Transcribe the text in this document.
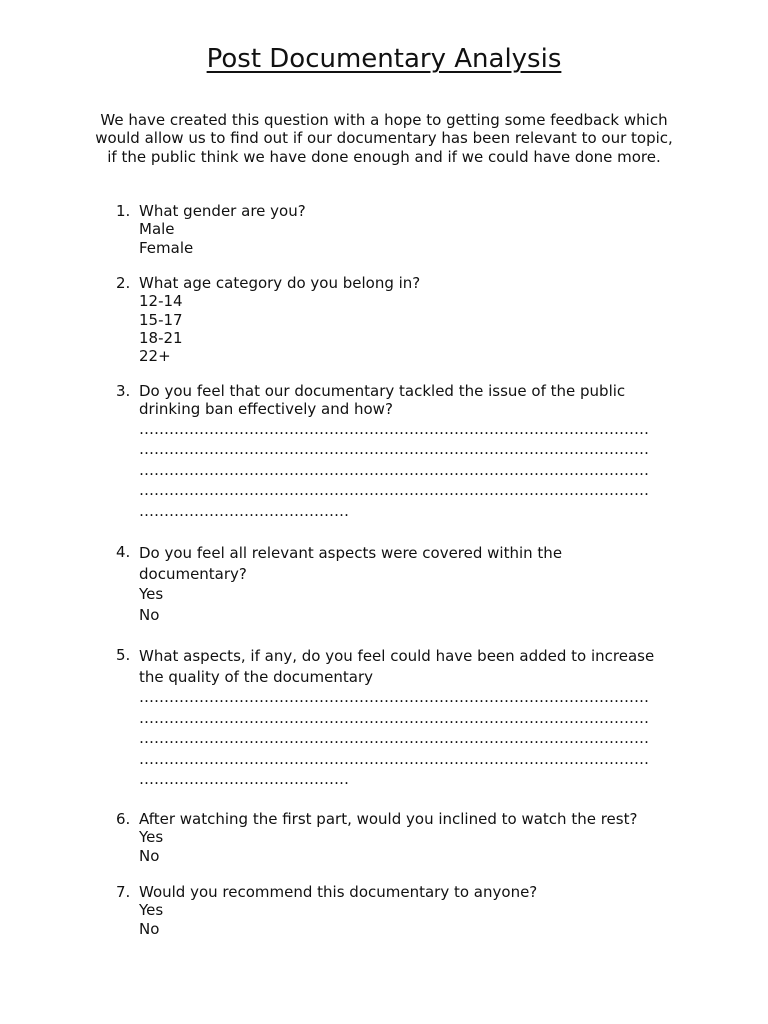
Post Documentary Analysis

We have created this question with a hope to getting some feedback which would allow us to find out if our documentary has been relevant to our topic, if the public think we have done enough and if we could have done more.

1. What gender are you?
Male
Female
2. What age category do you belong in?
12-14
15-17
18-21
22+
3. Do you feel that our documentary tackled the issue of the public drinking ban effectively and how?
…………………………………………………………………………………………
…………………………………………………………………………………………
…………………………………………………………………………………………
…………………………………………………………………………………………
……………………………………
4. Do you feel all relevant aspects were covered within the documentary?
Yes
No
5. What aspects, if any, do you feel could have been added to increase the quality of the documentary
…………………………………………………………………………………………
…………………………………………………………………………………………
…………………………………………………………………………………………
…………………………………………………………………………………………
……………………………………
6. After watching the first part, would you inclined to watch the rest?
Yes
No
7. Would you recommend this documentary to anyone?
Yes
No
